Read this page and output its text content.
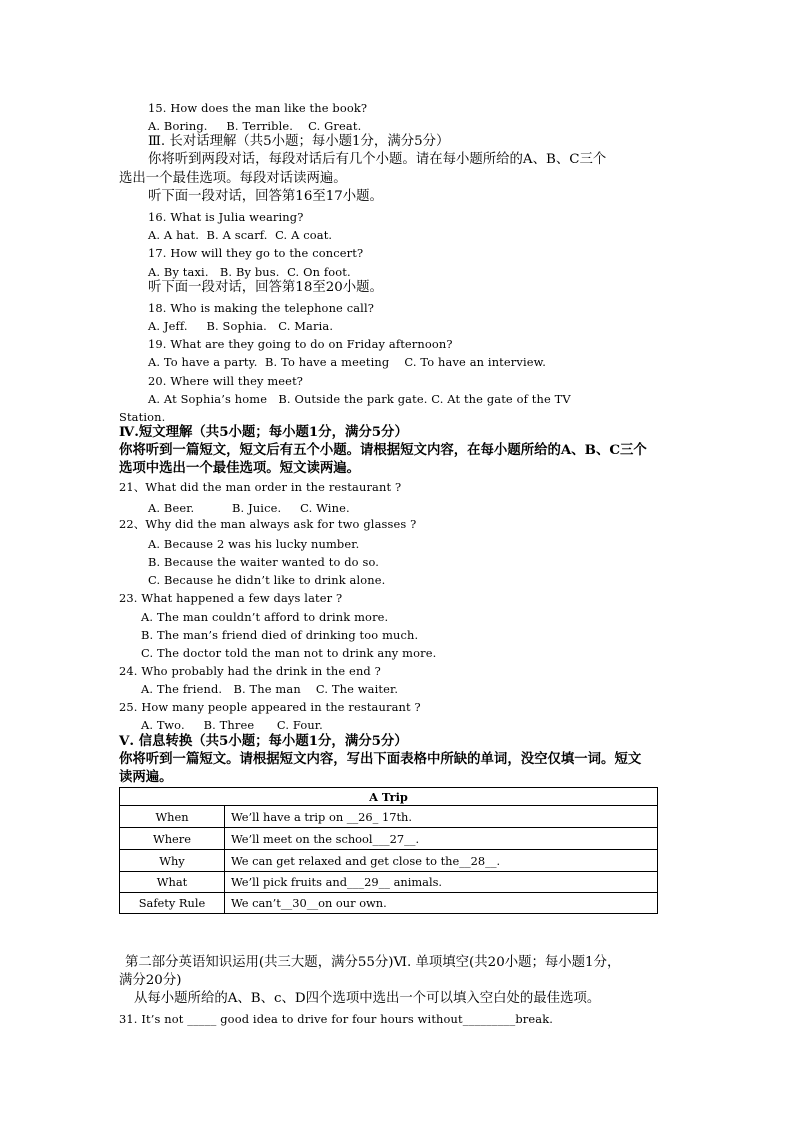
15. How does the man like the book?
A. Boring.     B. Terrible.    C. Great.
Ⅲ. 长对话理解（共5小题；每小题1分，满分5分）
你将听到两段对话，每段对话后有几个小题。请在每小题所给的A、B、C三个
选出一个最佳选项。每段对话读两遍。
听下面一段对话，回答第16至17小题。
16. What is Julia wearing?
A. A hat.  B. A scarf.  C. A coat.
17. How will they go to the concert?
A. By taxi.   B. By bus.  C. On foot.
听下面一段对话，回答第18至20小题。
18. Who is making the telephone call?
A. Jeff.     B. Sophia.   C. Maria.
19. What are they going to do on Friday afternoon?
A. To have a party.  B. To have a meeting    C. To have an interview.
20. Where will they meet?
A. At Sophia’s home   B. Outside the park gate. C. At the gate of the TV
Station.
Ⅳ.短文理解（共5小题；每小题1分，满分5分）
你将听到一篇短文，短文后有五个小题。请根据短文内容，在每小题所给的A、B、C三个
选项中选出一个最佳选项。短文读两遍。
21、What did the man order in the restaurant ?
A. Beer.          B. Juice.     C. Wine.
22、Why did the man always ask for two glasses ?
A. Because 2 was his lucky number.
B. Because the waiter wanted to do so.
C. Because he didn’t like to drink alone.
23. What happened a few days later ?
A. The man couldn’t afford to drink more.
B. The man’s friend died of drinking too much.
C. The doctor told the man not to drink any more.
24. Who probably had the drink in the end ?
A. The friend.   B. The man    C. The waiter.
25. How many people appeared in the restaurant ?
A. Two.     B. Three      C. Four.
Ⅴ. 信息转换（共5小题；每小题1分，满分5分）
你将听到一篇短文。请根据短文内容，写出下面表格中所缺的单词，没空仅填一词。短文
读两遍。
第二部分英语知识运用(共三大题，满分55分)Ⅵ. 单项填空(共20小题；每小题1分，
满分20分)
从每小题所给的A、B、c、D四个选项中选出一个可以填入空白处的最佳选项。
31. It’s not _____ good idea to drive for four hours without_________break.
A Trip	
When	We’ll have a trip on __26_ 17th.
Where	We’ll meet on the school___27__.
Why	We can get relaxed and get close to the__28__.
What	We’ll pick fruits and___29__ animals.
Safety Rule	We can’t__30__on our own.
